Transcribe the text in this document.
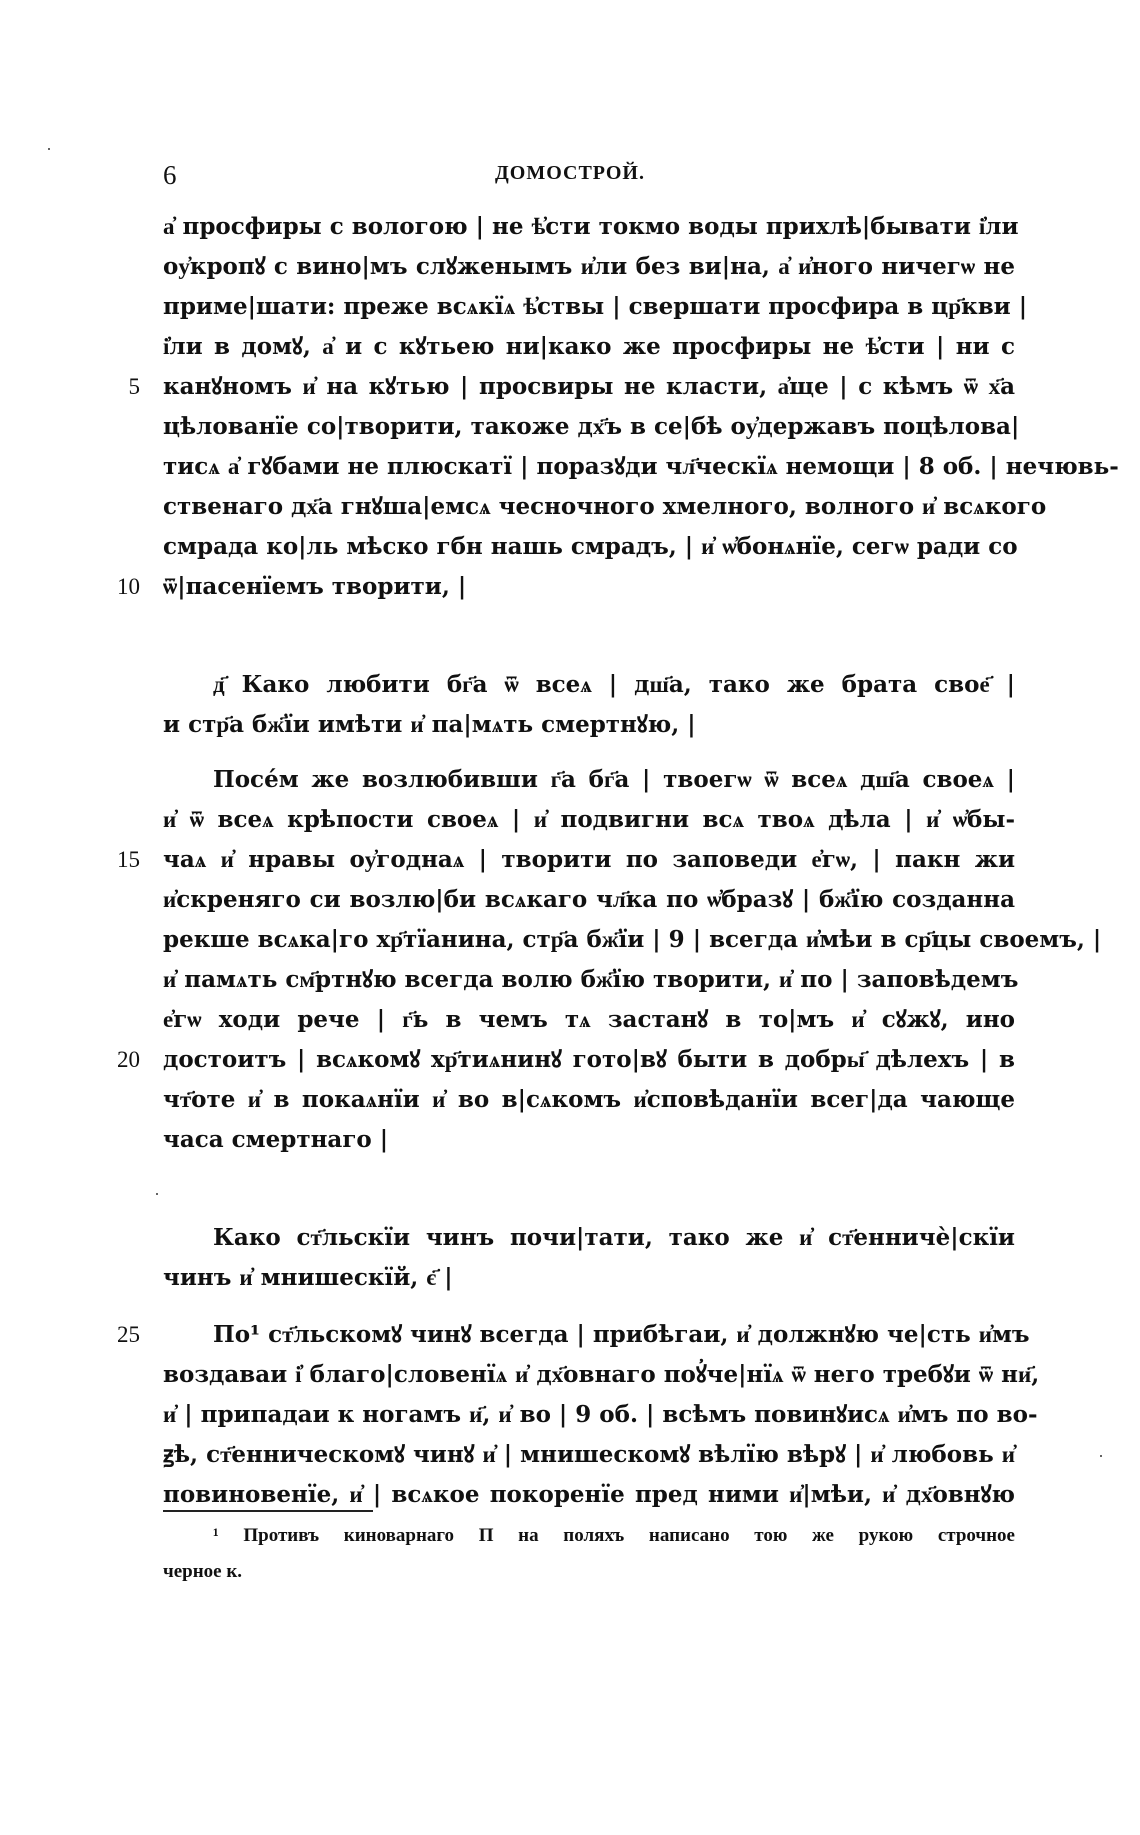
6	ДОМОСТРОЙ.
а҆ просфиры с вологою | не ѣ҆сти токмо воды прихлѣ|бывати і҆ли
оу҆кропꙋ с вино|мъ слꙋженымъ и҆ли без ви|на, а҆ и҆ного ничегѡ не
приме|шати: преже всѧкїѧ ѣ҆ствы | свершати просфира в цр҃кви |
і҆ли в домꙋ, а҆ и с кꙋтьею ни|како же просфиры не ѣ҆сти | ни с
5 канꙋномъ и҆ на кꙋтью | просвиры не класти, а҆ще | с кѣмъ ѿ х҃а
цѣлованїе со|творити, такоже дх҃ъ в се|бѣ оу҆державъ поцѣлова|
тисѧ а҆ гꙋбами не плюскатї | поразꙋди чл҃ческїѧ немощи | 8 об. | нечювь-
ственаго дх҃а гнꙋша|емсѧ чесночного хмелного, волного и҆ всѧкого
смрада ко|ль мѣско гбн нашь смрадъ, | и҆ ѡ҆бонѧнїе, сегѡ ради со
10 ѿ|пасенїемъ творити, |
д҃ Како любити бг҃а ѿ всеѧ | дш҃а, тако же брата свое҃ |
и стр҃а бж҃їи имѣти и҆ па|мѧть смертнꙋю, |
Посе́м же возлюбивши г҃а бг҃а | твоегѡ ѿ всеѧ дш҃а своеѧ |
и҆ ѿ всеѧ крѣпости своеѧ | и҆ подвигни всѧ твоѧ дѣла | и҆ ѡ҆бы-
15 чаѧ и҆ нравы оу҆годнаѧ | творити по заповеди е҆гѡ, | пакн жи
и҆скреняго си возлю|би всѧкаго чл҃ка по ѡ҆бразꙋ | бж҃їю созданна
рекше всѧка|го хр҃тїанина, стр҃а бж҃їи | 9 | всегда и҆мѣи в ср҃цы своемъ, |
и҆ памѧть см҃ртнꙋю всегда волю бж҃їю творити, и҆ по | заповѣдемъ
е҆гѡ ходи рече | г҃ь в чемъ тѧ застанꙋ в то|мъ и҆ сꙋжꙋ, ино
20 достоитъ | всѧкомꙋ хр҃тиѧнинꙋ гото|вꙋ быти в добры҃ дѣлехъ | в
чт҃оте и҆ в покаѧнїи и҆ во в|сѧкомъ и҆сповѣданїи всег|да чающе
часа смертнаго |
Како ст҃льскїи чинъ почи|тати, тако же и҆ ст҃енничѐ|скїи
чинъ и҆ мнишескїй, є҃ |
25	По¹ ст҃льскомꙋ чинꙋ всегда | прибѣгаи, и҆ должнꙋю че|сть и҆мъ
воздаваи і҆ благо|словенїѧ и҆ дх҃овнаго поꙋ҆че|нїѧ ѿ него требꙋи ѿ ни҃,
и҆ | припадаи к ногамъ и҃, и҆ во | 9 об. | всѣмъ повинꙋисѧ и҆мъ по во-
ꙃѣ, ст҃енническомꙋ чинꙋ и҆ | мнишескомꙋ вѣлїю вѣрꙋ | и҆ любовь и҆
повиновенїе, и҆ | всѧкое покоренїе пред ними и҆|мѣи, и҆ дх҃овнꙋю
¹ Противъ киноварнаго П на поляхъ написано тою же рукою строчное
черное к.
